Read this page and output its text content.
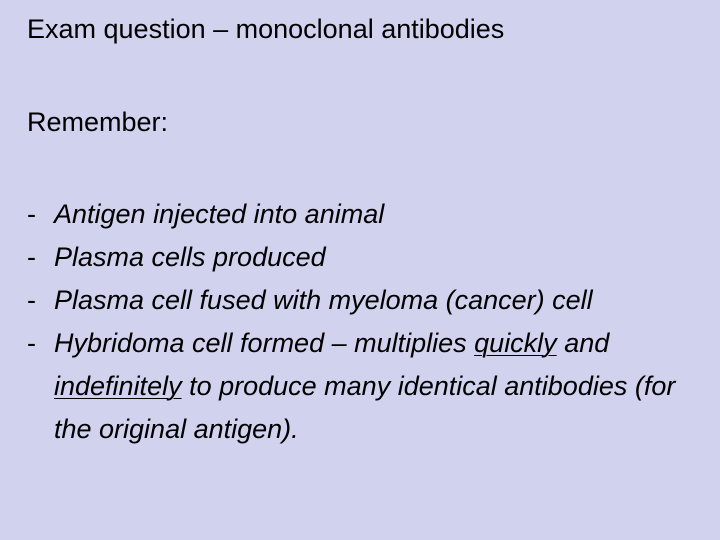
Exam question – monoclonal antibodies
Remember:
- Antigen injected into animal
- Plasma cells produced
- Plasma cell fused with myeloma (cancer) cell
- Hybridoma cell formed – multiplies quickly and indefinitely to produce many identical antibodies (for the original antigen).
